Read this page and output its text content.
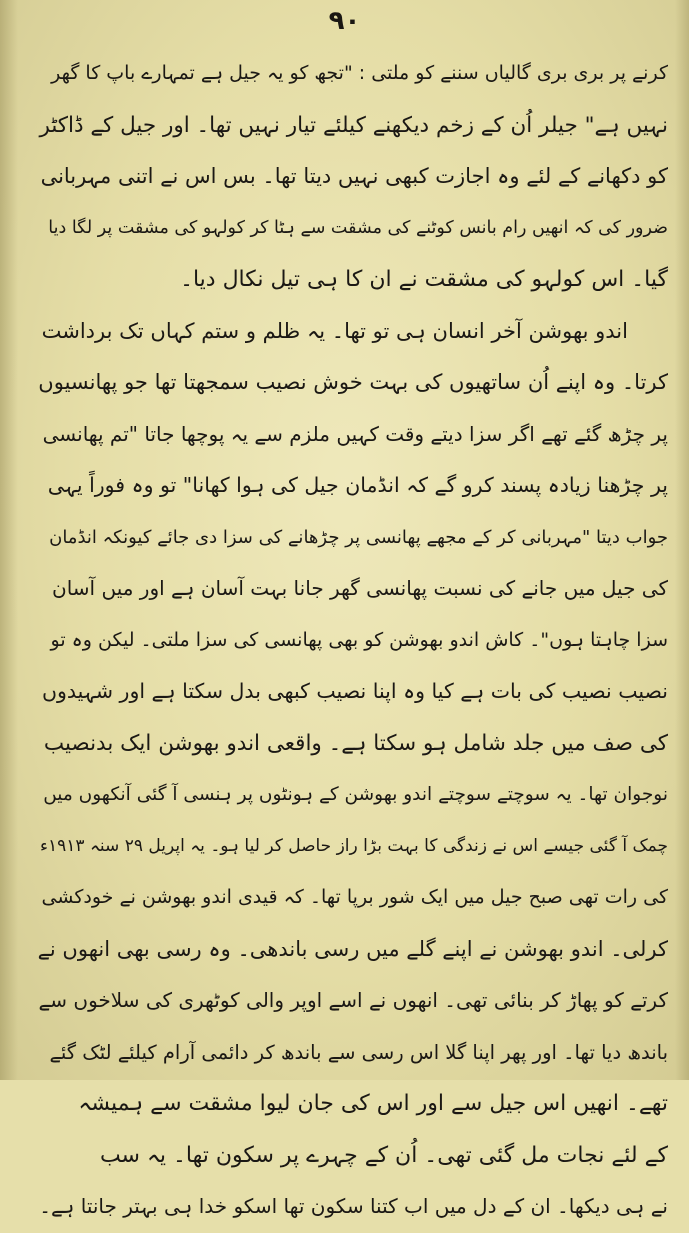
۹۰
کرنے پر بری بری گالیاں سننے کو ملتی : "تجھ کو یہ جیل ہے تمہارے باپ کا گھر
نہیں ہے" جیلر اُن کے زخم دیکھنے کیلئے تیار نہیں تھا۔ اور جیل کے ڈاکٹر
کو دکھانے کے لئے وہ اجازت کبھی نہیں دیتا تھا۔ بس اس نے اتنی مہربانی
ضرور کی کہ انھیں رام بانس کوٹنے کی مشقت سے ہٹا کر کولہو کی مشقت پر لگا دیا
گیا۔ اس کولہو کی مشقت نے ان کا ہی تیل نکال دیا۔
اندو بھوشن آخر انسان ہی تو تھا۔ یہ ظلم و ستم کہاں تک برداشت
کرتا۔ وہ اپنے اُن ساتھیوں کی بہت خوش نصیب سمجھتا تھا جو پھانسیوں
پر چڑھ گئے تھے اگر سزا دیتے وقت کہیں ملزم سے یہ پوچھا جاتا "تم پھانسی
پر چڑھنا زیادہ پسند کرو گے کہ انڈمان جیل کی ہوا کھانا" تو وہ فوراً یہی
جواب دیتا "مہربانی کر کے مجھے پھانسی پر چڑھانے کی سزا دی جائے کیونکہ انڈمان
کی جیل میں جانے کی نسبت پھانسی گھر جانا بہت آسان ہے اور میں آسان
سزا چاہتا ہوں"۔ کاش اندو بھوشن کو بھی پھانسی کی سزا ملتی۔ لیکن وہ تو
نصیب نصیب کی بات ہے کیا وہ اپنا نصیب کبھی بدل سکتا ہے اور شہیدوں
کی صف میں جلد شامل ہو سکتا ہے۔ واقعی اندو بھوشن ایک بدنصیب
نوجوان تھا۔ یہ سوچتے سوچتے اندو بھوشن کے ہونٹوں پر ہنسی آ گئی آنکھوں میں
چمک آ گئی جیسے اس نے زندگی کا بہت بڑا راز حاصل کر لیا ہو۔ یہ اپریل ۲۹ سنہ ۱۹۱۳ء
کی رات تھی صبح جیل میں ایک شور برپا تھا۔ کہ قیدی اندو بھوشن نے خودکشی
کرلی۔ اندو بھوشن نے اپنے گلے میں رسی باندھی۔ وہ رسی بھی انھوں نے
کرتے کو پھاڑ کر بنائی تھی۔ انھوں نے اسے اوپر والی کوٹھری کی سلاخوں سے
باندھ دیا تھا۔ اور پھر اپنا گلا اس رسی سے باندھ کر دائمی آرام کیلئے لٹک گئے
تھے۔ انھیں اس جیل سے اور اس کی جان لیوا مشقت سے ہمیشہ
کے لئے نجات مل گئی تھی۔ اُن کے چہرے پر سکون تھا۔ یہ سب
نے ہی دیکھا۔ ان کے دل میں اب کتنا سکون تھا اسکو خدا ہی بہتر جانتا ہے۔
